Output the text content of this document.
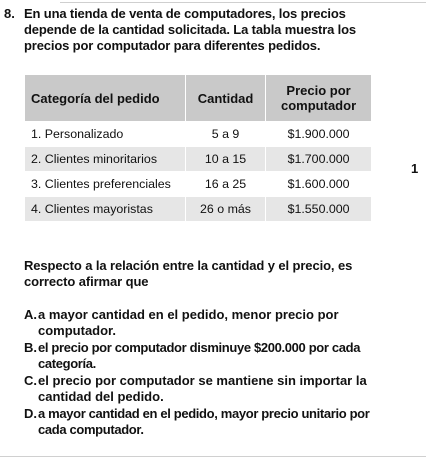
8. En una tienda de venta de computadores, los precios depende de la cantidad solicitada. La tabla muestra los precios por computador para diferentes pedidos.
Categoría del pedido	Cantidad	Precio por computador
1. Personalizado	5 a 9	$1.900.000
2. Clientes minoritarios	10 a 15	$1.700.000
3. Clientes preferenciales	16 a 25	$1.600.000
4. Clientes mayoristas	26 o más	$1.550.000
1
Respecto a la relación entre la cantidad y el precio, es correcto afirmar que
A. a mayor cantidad en el pedido, menor precio por computador.
B. el precio por computador disminuye $200.000 por cada categoría.
C. el precio por computador se mantiene sin importar la cantidad del pedido.
D. a mayor cantidad en el pedido, mayor precio unitario por cada computador.
